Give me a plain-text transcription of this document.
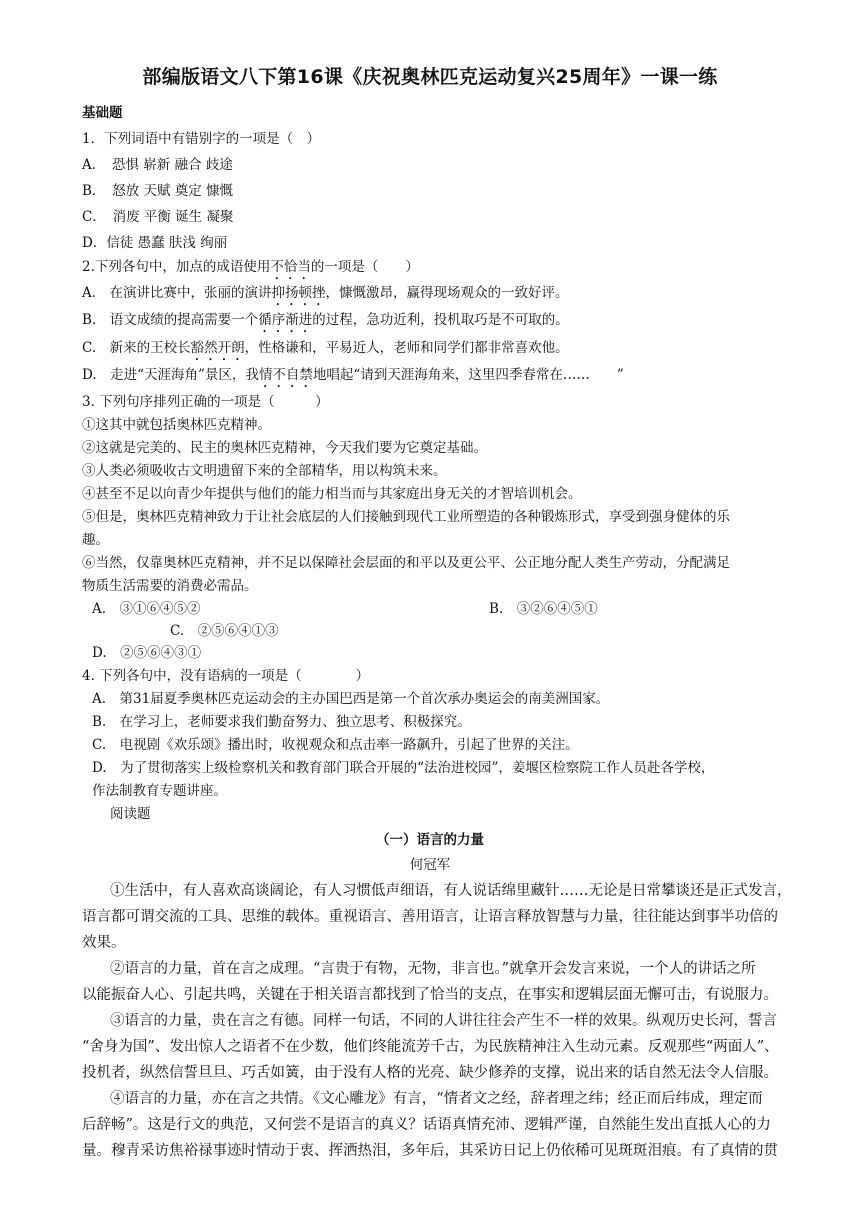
部编版语文八下第16课《庆祝奥林匹克运动复兴25周年》一课一练
基础题
1．下列词语中有错别字的一项是（　）
A．　恐惧 崭新 融合 歧途
B．　怒放 天赋 奠定 慷慨
C．　消废 平衡 诞生 凝聚
D．信徒 愚蠢 肤浅 绚丽
2.下列各句中，加点的成语使用不恰当的一项是（　　）
A.　在演讲比赛中，张丽的演讲抑扬顿挫，慷慨激昂，赢得现场观众的一致好评。
B.　语文成绩的提高需要一个循序渐进的过程，急功近利，投机取巧是不可取的。
C.　新来的王校长豁然开朗，性格谦和，平易近人，老师和同学们都非常喜欢他。
D.　走进“天涯海角”景区，我情不自禁地唱起“请到天涯海角来，这里四季春常在……　　”
3. 下列句序排列正确的一项是（　　　）
①这其中就包括奥林匹克精神。
②这就是完美的、民主的奥林匹克精神，今天我们要为它奠定基础。
③人类必须吸收古文明遗留下来的全部精华，用以构筑未来。
④甚至不足以向青少年提供与他们的能力相当而与其家庭出身无关的才智培训机会。
⑤但是，奥林匹克精神致力于让社会底层的人们接触到现代工业所塑造的各种锻炼形式，享受到强身健体的乐
趣。
⑥当然，仅靠奥林匹克精神，并不足以保障社会层面的和平以及更公平、公正地分配人类生产劳动，分配满足
物质生活需要的消费必需品。
A.　③①⑥④⑤②	B.　③②⑥④⑤①
C.　②⑤⑥④①③
D.　②⑤⑥④③①
4. 下列各句中，没有语病的一项是（　　　　）
A.　第31届夏季奥林匹克运动会的主办国巴西是第一个首次承办奥运会的南美洲国家。
B.　在学习上，老师要求我们勤奋努力、独立思考、积极探究。
C.　电视剧《欢乐颂》播出时，收视观众和点击率一路飙升，引起了世界的关注。
D.　为了贯彻落实上级检察机关和教育部门联合开展的“法治进校园”，姜堰区检察院工作人员赴各学校，
作法制教育专题讲座。
阅读题
（一）语言的力量
何冠军
①生活中，有人喜欢高谈阔论，有人习惯低声细语，有人说话绵里藏针……无论是日常攀谈还是正式发言，
语言都可谓交流的工具、思维的载体。重视语言、善用语言，让语言释放智慧与力量，往往能达到事半功倍的
效果。
②语言的力量，首在言之成理。“言贵于有物，无物，非言也。”就拿开会发言来说，一个人的讲话之所
以能振奋人心、引起共鸣，关键在于相关语言都找到了恰当的支点，在事实和逻辑层面无懈可击，有说服力。
③语言的力量，贵在言之有德。同样一句话，不同的人讲往往会产生不一样的效果。纵观历史长河，誓言
“舍身为国”、发出惊人之语者不在少数，他们终能流芳千古，为民族精神注入生动元素。反观那些“两面人”、
投机者，纵然信誓旦旦、巧舌如簧，由于没有人格的光亮、缺少修养的支撑，说出来的话自然无法令人信服。
④语言的力量，亦在言之共情。《文心雕龙》有言，“情者文之经，辞者理之纬；经正而后纬成，理定而
后辞畅”。这是行文的典范，又何尝不是语言的真义？话语真情充沛、逻辑严谨，自然能生发出直抵人心的力
量。穆青采访焦裕禄事迹时情动于衷、挥洒热泪，多年后，其采访日记上仍依稀可见斑斑泪痕。有了真情的贯
